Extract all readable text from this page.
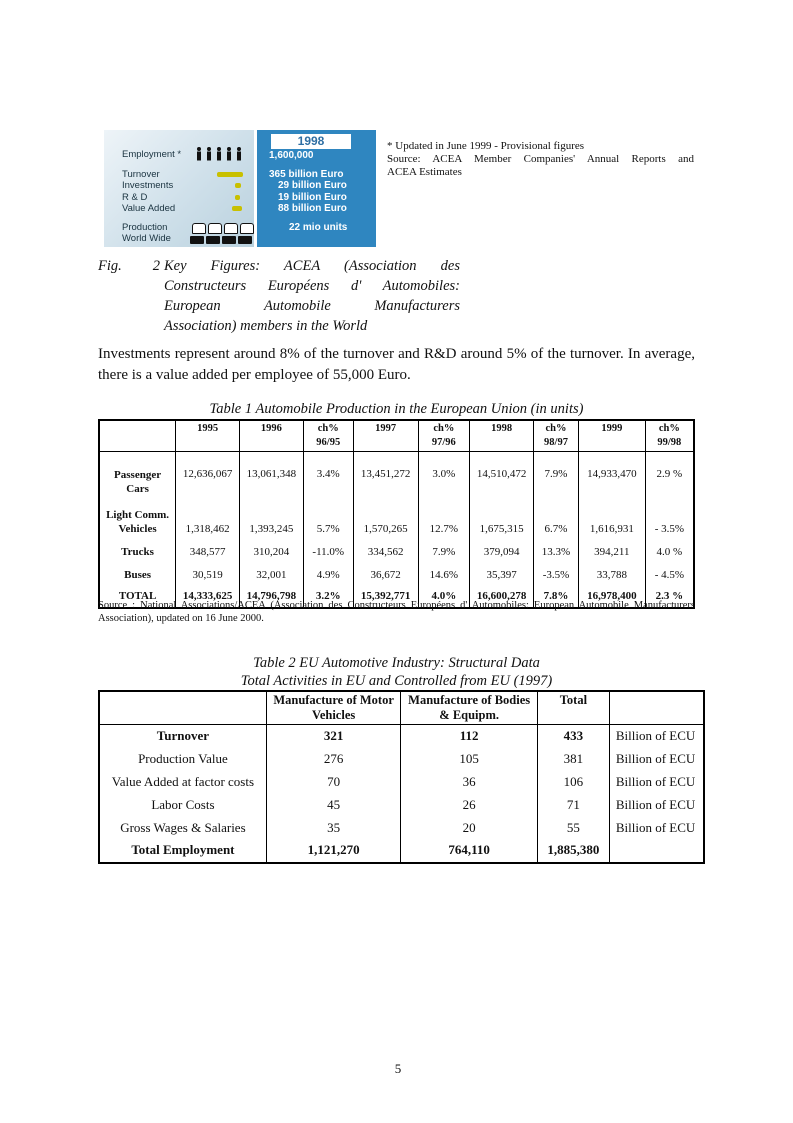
Employment *
Turnover
Investments
R & D
Value Added
Production
World Wide
1998
1,600,000
365 billion Euro
29 billion Euro
19 billion Euro
88 billion Euro
22 mio units
* Updated in June 1999 - Provisional figures
Source: ACEA Member Companies' Annual Reports and
ACEA Estimates
Fig. 2 Key Figures: ACEA (Association des
Constructeurs Européens d' Automobiles:
European Automobile Manufacturers
Association) members in the World
Investments represent around 8% of the turnover and R&D around 5% of the turnover. In average, there is a value added per employee of 55,000 Euro.
Table 1 Automobile Production in the European Union (in units)
	1995	1996	ch% 96/95	1997	ch% 97/96	1998	ch% 98/97	1999	ch% 99/98
Passenger Cars	12,636,067	13,061,348	3.4%	13,451,272	3.0%	14,510,472	7.9%	14,933,470	2.9 %
Light Comm. Vehicles	1,318,462	1,393,245	5.7%	1,570,265	12.7%	1,675,315	6.7%	1,616,931	- 3.5%
Trucks	348,577	310,204	-11.0%	334,562	7.9%	379,094	13.3%	394,211	4.0 %
Buses	30,519	32,001	4.9%	36,672	14.6%	35,397	-3.5%	33,788	- 4.5%
TOTAL	14,333,625	14,796,798	3.2%	15,392,771	4.0%	16,600,278	7.8%	16,978,400	2.3 %
Source : National Associations/ACEA (Association des Constructeurs Européens d' Automobiles: European Automobile Manufacturers Association), updated on 16 June 2000.
Table 2 EU Automotive Industry: Structural Data
Total Activities in EU and Controlled from EU (1997)
	Manufacture of Motor Vehicles	Manufacture of Bodies & Equipm.	Total	
Turnover	321	112	433	Billion of ECU
Production Value	276	105	381	Billion of ECU
Value Added at factor costs	70	36	106	Billion of ECU
Labor Costs	45	26	71	Billion of ECU
Gross Wages & Salaries	35	20	55	Billion of ECU
Total Employment	1,121,270	764,110	1,885,380	
5
